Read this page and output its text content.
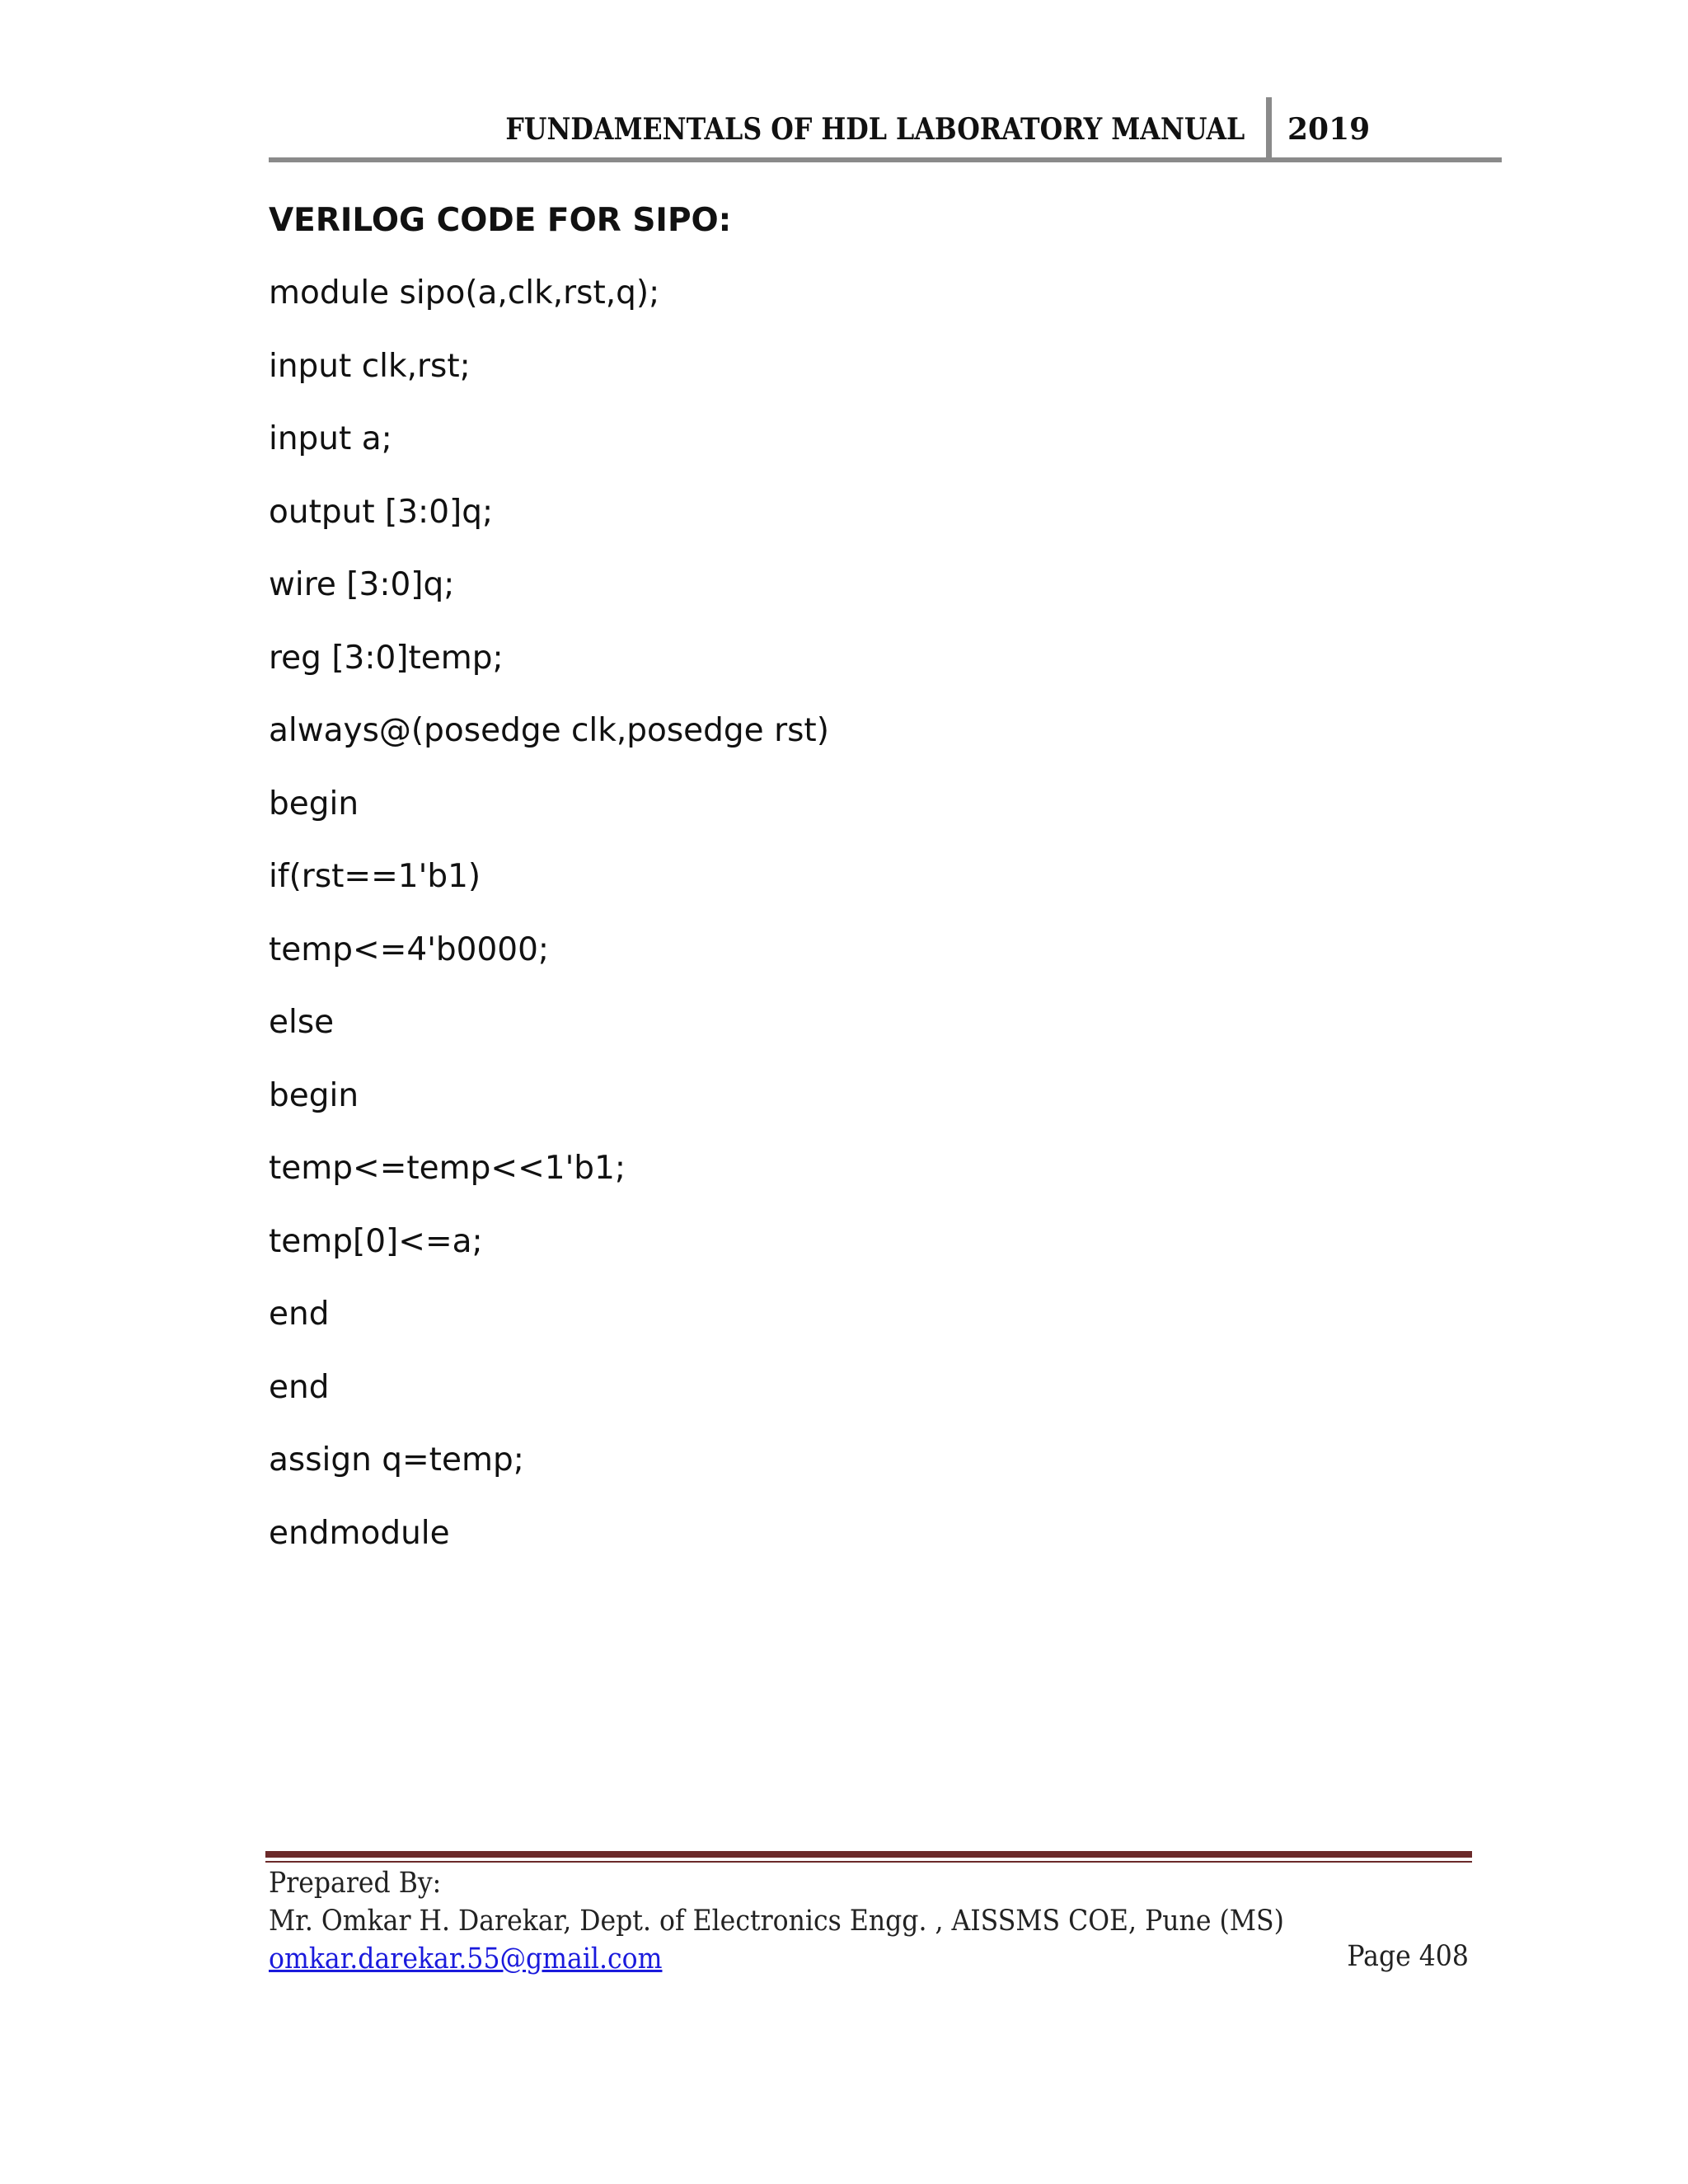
FUNDAMENTALS OF HDL LABORATORY MANUAL 2019
VERILOG CODE FOR SIPO:
module sipo(a,clk,rst,q);
input clk,rst;
input a;
output [3:0]q;
wire [3:0]q;
reg [3:0]temp;
always@(posedge clk,posedge rst)
begin
if(rst==1'b1)
temp<=4'b0000;
else
begin
temp<=temp<<1'b1;
temp[0]<=a;
end
end
assign q=temp;
endmodule
Prepared By:
Mr. Omkar H. Darekar, Dept. of Electronics Engg. , AISSMS COE, Pune (MS)
omkar.darekar.55@gmail.com	Page 408
